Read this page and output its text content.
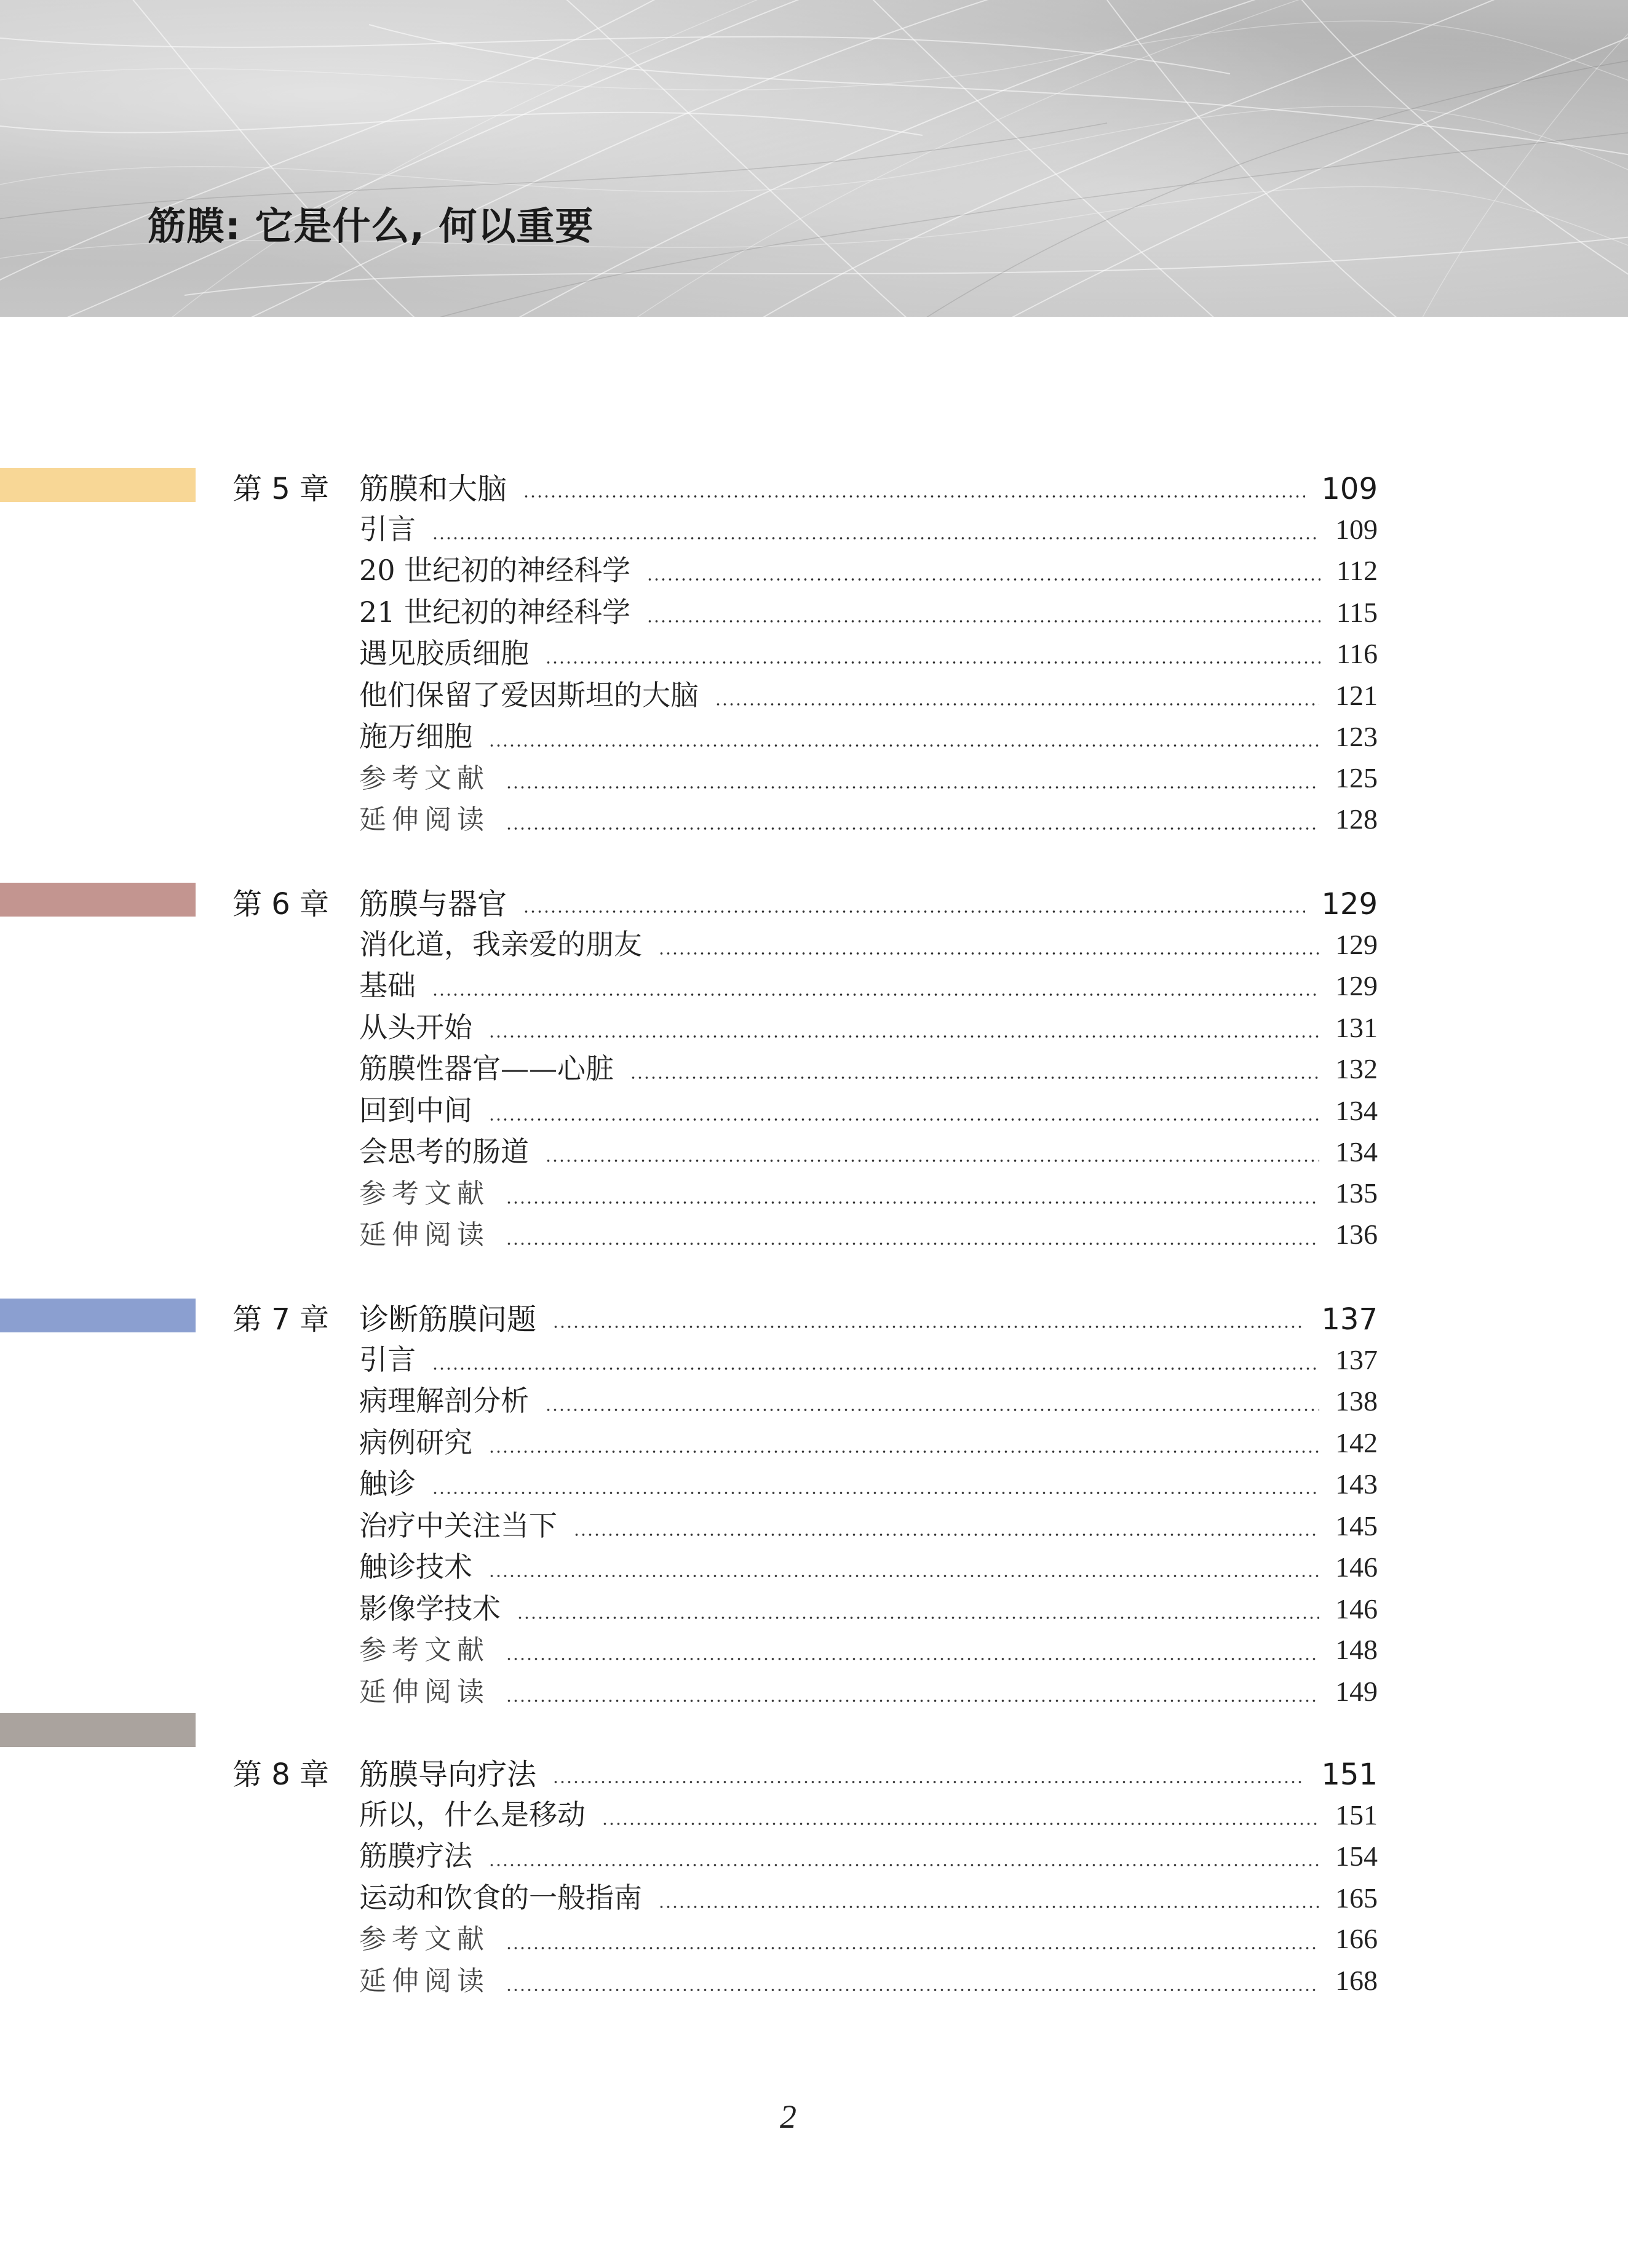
筋膜: 它是什么, 何以重要
第 5 章 筋膜和大脑	109
引言	109
20 世纪初的神经科学	112
21 世纪初的神经科学	115
遇见胶质细胞	116
他们保留了爱因斯坦的大脑	121
施万细胞	123
参考文献	125
延伸阅读	128
第 6 章 筋膜与器官	129
消化道，我亲爱的朋友	129
基础	129
从头开始	131
筋膜性器官——心脏	132
回到中间	134
会思考的肠道	134
参考文献	135
延伸阅读	136
第 7 章 诊断筋膜问题	137
引言	137
病理解剖分析	138
病例研究	142
触诊	143
治疗中关注当下	145
触诊技术	146
影像学技术	146
参考文献	148
延伸阅读	149
第 8 章 筋膜导向疗法	151
所以，什么是移动	151
筋膜疗法	154
运动和饮食的一般指南	165
参考文献	166
延伸阅读	168
2
